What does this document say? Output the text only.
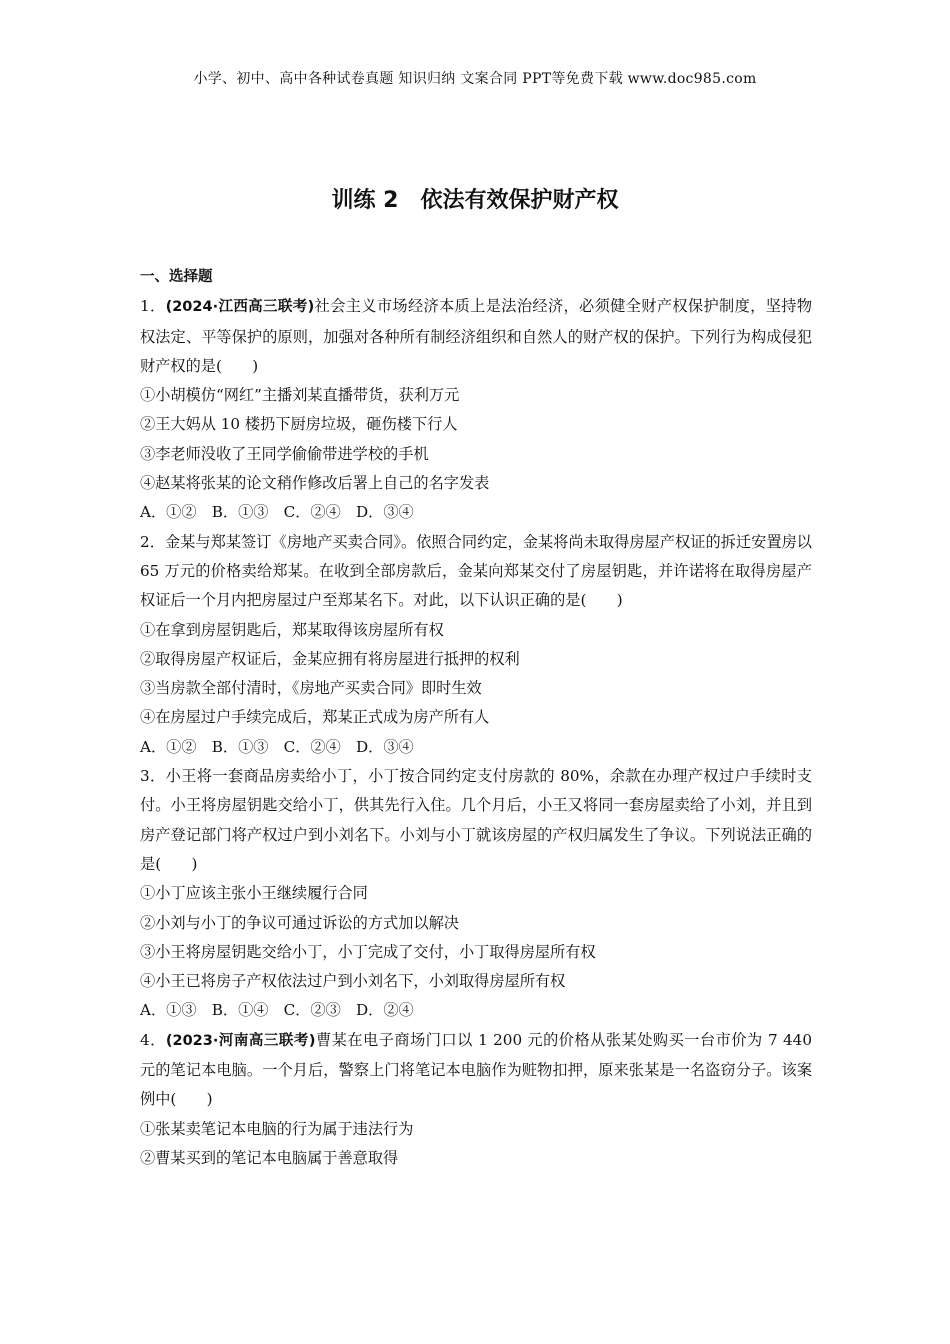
小学、初中、高中各种试卷真题 知识归纳 文案合同 PPT等免费下载 www.doc985.com
训练 2　依法有效保护财产权
一、选择题
1．(2024·江西高三联考)社会主义市场经济本质上是法治经济，必须健全财产权保护制度，坚持物权法定、平等保护的原则，加强对各种所有制经济组织和自然人的财产权的保护。下列行为构成侵犯财产权的是(　　)
①小胡模仿“网红”主播刘某直播带货，获利万元
②王大妈从 10 楼扔下厨房垃圾，砸伤楼下行人
③李老师没收了王同学偷偷带进学校的手机
④赵某将张某的论文稍作修改后署上自己的名字发表
A．①②　B．①③　C．②④　D．③④
2．金某与郑某签订《房地产买卖合同》。依照合同约定，金某将尚未取得房屋产权证的拆迁安置房以 65 万元的价格卖给郑某。在收到全部房款后，金某向郑某交付了房屋钥匙，并许诺将在取得房屋产权证后一个月内把房屋过户至郑某名下。对此，以下认识正确的是(　　)
①在拿到房屋钥匙后，郑某取得该房屋所有权
②取得房屋产权证后，金某应拥有将房屋进行抵押的权利
③当房款全部付清时，《房地产买卖合同》即时生效
④在房屋过户手续完成后，郑某正式成为房产所有人
A．①②　B．①③　C．②④　D．③④
3．小王将一套商品房卖给小丁，小丁按合同约定支付房款的 80%，余款在办理产权过户手续时支付。小王将房屋钥匙交给小丁，供其先行入住。几个月后，小王又将同一套房屋卖给了小刘，并且到房产登记部门将产权过户到小刘名下。小刘与小丁就该房屋的产权归属发生了争议。下列说法正确的是(　　)
①小丁应该主张小王继续履行合同
②小刘与小丁的争议可通过诉讼的方式加以解决
③小王将房屋钥匙交给小丁，小丁完成了交付，小丁取得房屋所有权
④小王已将房子产权依法过户到小刘名下，小刘取得房屋所有权
A．①③　B．①④　C．②③　D．②④
4．(2023·河南高三联考)曹某在电子商场门口以 1 200 元的价格从张某处购买一台市价为 7 440 元的笔记本电脑。一个月后，警察上门将笔记本电脑作为赃物扣押，原来张某是一名盗窃分子。该案例中(　　)
①张某卖笔记本电脑的行为属于违法行为
②曹某买到的笔记本电脑属于善意取得
